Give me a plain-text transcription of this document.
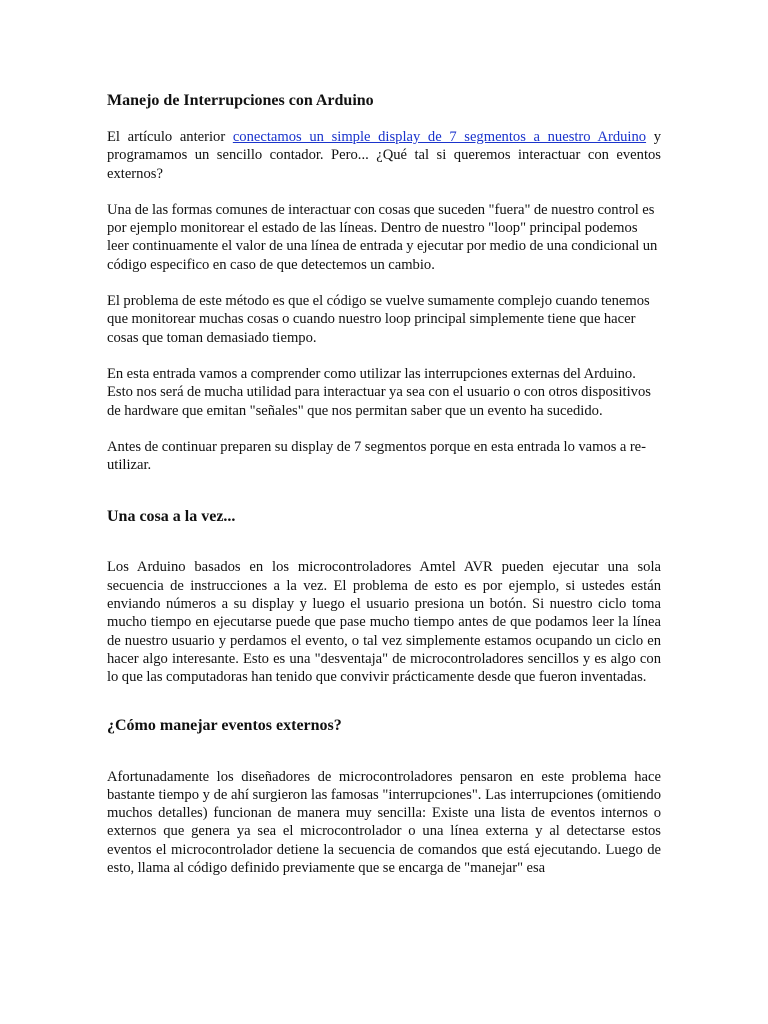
Manejo de Interrupciones con Arduino

El artículo anterior conectamos un simple display de 7 segmentos a nuestro Arduino y programamos un sencillo contador. Pero... ¿Qué tal si queremos interactuar con eventos externos?

Una de las formas comunes de interactuar con cosas que suceden "fuera" de nuestro control es por ejemplo monitorear el estado de las líneas. Dentro de nuestro "loop" principal podemos leer continuamente el valor de una línea de entrada y ejecutar por medio de una condicional un código especifico en caso de que detectemos un cambio.

El problema de este método es que el código se vuelve sumamente complejo cuando tenemos que monitorear muchas cosas o cuando nuestro loop principal simplemente tiene que hacer cosas que toman demasiado tiempo.

En esta entrada vamos a comprender como utilizar las interrupciones externas del Arduino. Esto nos será de mucha utilidad para interactuar ya sea con el usuario o con otros dispositivos de hardware que emitan "señales" que nos permitan saber que un evento ha sucedido.

Antes de continuar preparen su display de 7 segmentos porque en esta entrada lo vamos a re-utilizar.

Una cosa a la vez...

Los Arduino basados en los microcontroladores Amtel AVR pueden ejecutar una sola secuencia de instrucciones a la vez. El problema de esto es por ejemplo, si ustedes están enviando números a su display y luego el usuario presiona un botón. Si nuestro ciclo toma mucho tiempo en ejecutarse puede que pase mucho tiempo antes de que podamos leer la línea de nuestro usuario y perdamos el evento, o tal vez simplemente estamos ocupando un ciclo en hacer algo interesante. Esto es una "desventaja" de microcontroladores sencillos y es algo con lo que las computadoras han tenido que convivir prácticamente desde que fueron inventadas.

¿Cómo manejar eventos externos?

Afortunadamente los diseñadores de microcontroladores pensaron en este problema hace bastante tiempo y de ahí surgieron las famosas "interrupciones". Las interrupciones (omitiendo muchos detalles) funcionan de manera muy sencilla: Existe una lista de eventos internos o externos que genera ya sea el microcontrolador o una línea externa y al detectarse estos eventos el microcontrolador detiene la secuencia de comandos que está ejecutando. Luego de esto, llama al código definido previamente que se encarga de "manejar" esa
